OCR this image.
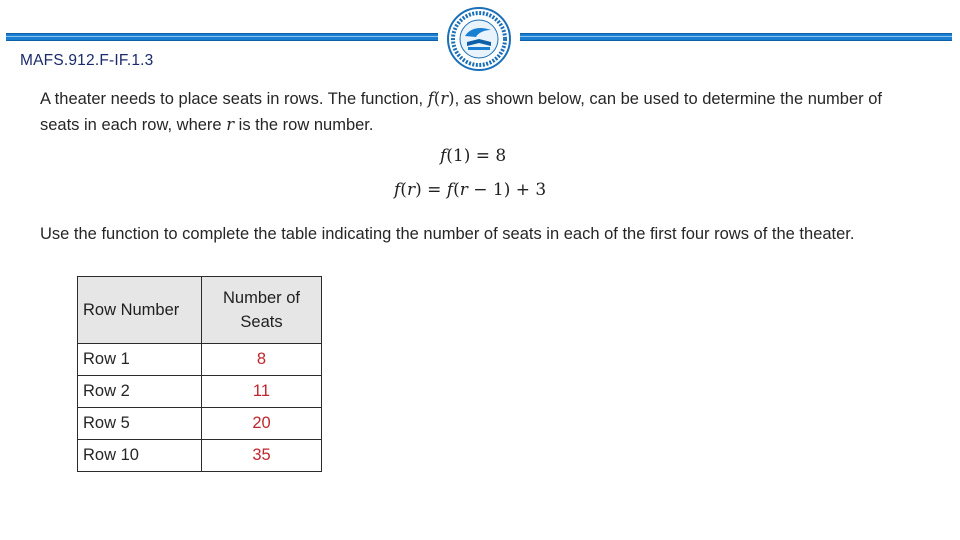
MAFS.912.F-IF.1.3
A theater needs to place seats in rows. The function, f(r), as shown below, can be used to determine the number of seats in each row, where r is the row number.
f(1) = 8
f(r) = f(r − 1) + 3
Use the function to complete the table indicating the number of seats in each of the first four rows of the theater.
Row Number	Number of Seats
Row 1	8
Row 2	11
Row 5	20
Row 10	35
